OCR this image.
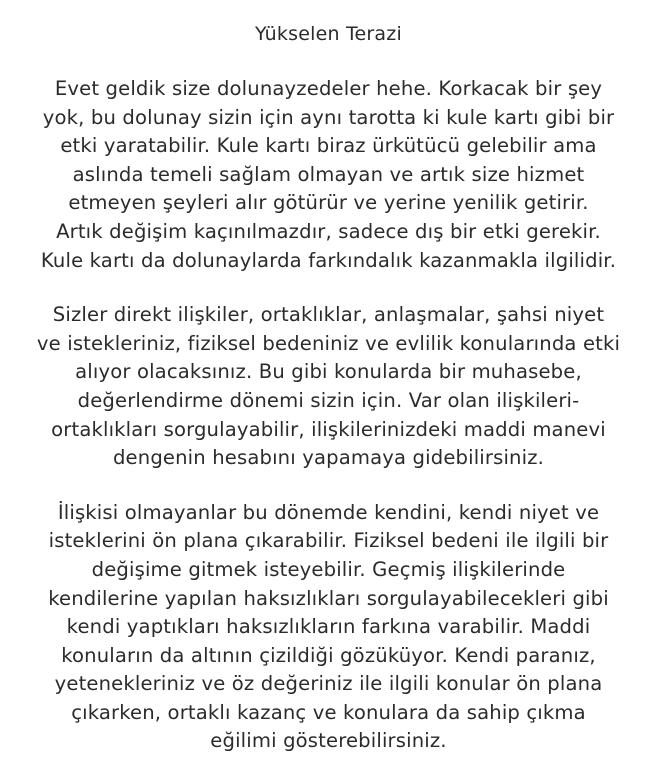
Yükselen Terazi

Evet geldik size dolunayzedeler hehe. Korkacak bir şey
yok, bu dolunay sizin için aynı tarotta ki kule kartı gibi bir
etki yaratabilir. Kule kartı biraz ürkütücü gelebilir ama
aslında temeli sağlam olmayan ve artık size hizmet
etmeyen şeyleri alır götürür ve yerine yenilik getirir.
Artık değişim kaçınılmazdır, sadece dış bir etki gerekir.
Kule kartı da dolunaylarda farkındalık kazanmakla ilgilidir.

Sizler direkt ilişkiler, ortaklıklar, anlaşmalar, şahsi niyet
ve istekleriniz, fiziksel bedeniniz ve evlilik konularında etki
alıyor olacaksınız. Bu gibi konularda bir muhasebe,
değerlendirme dönemi sizin için. Var olan ilişkileri-
ortaklıkları sorgulayabilir, ilişkilerinizdeki maddi manevi
dengenin hesabını yapamaya gidebilirsiniz.

İlişkisi olmayanlar bu dönemde kendini, kendi niyet ve
isteklerini ön plana çıkarabilir. Fiziksel bedeni ile ilgili bir
değişime gitmek isteyebilir. Geçmiş ilişkilerinde
kendilerine yapılan haksızlıkları sorgulayabilecekleri gibi
kendi yaptıkları haksızlıkların farkına varabilir. Maddi
konuların da altının çizildiği gözüküyor. Kendi paranız,
yetenekleriniz ve öz değeriniz ile ilgili konular ön plana
çıkarken, ortaklı kazanç ve konulara da sahip çıkma
eğilimi gösterebilirsiniz.
